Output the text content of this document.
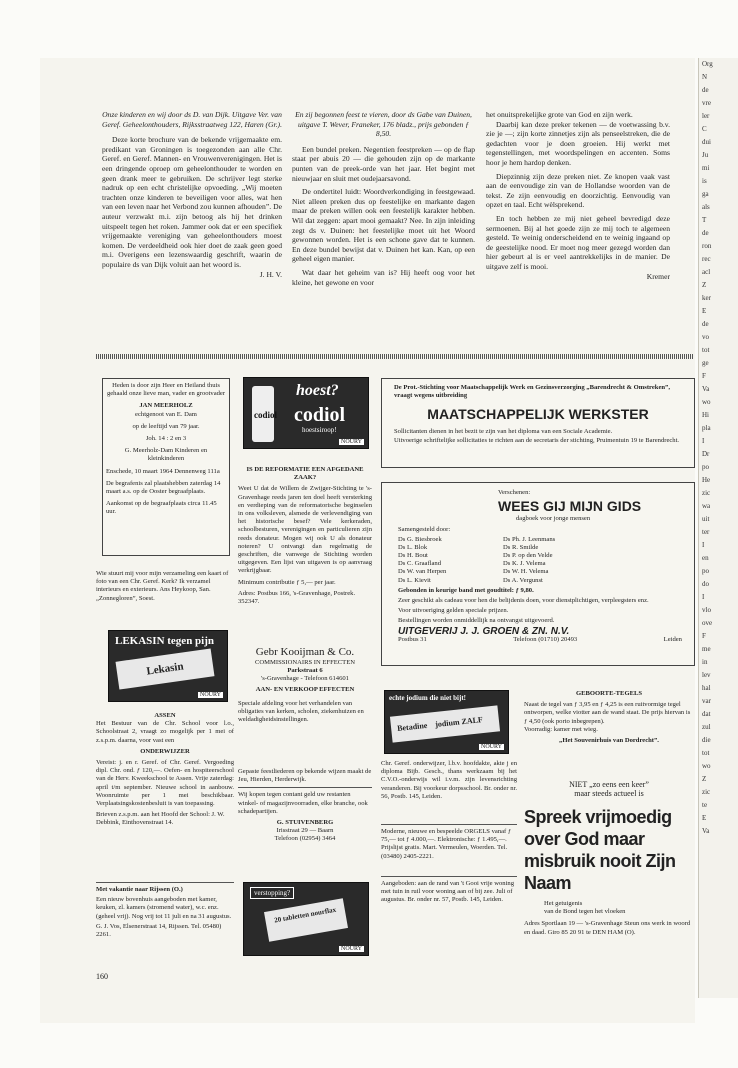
Org
N
de
vre
ler
C
dui
Ju
mi
is
ga
als
T
de
ron
rec
acl
Z
ker
E
de
vo
tot
ge
F
Va
wo
Hi
pla
I
Dr
po
He
zic
wa
uit
ter
I
en
po
do
I
vlo
ove
F
me
in
lev
hal
var
dat
zul
die
tot
wo
Z
zic
te
E
Va

Onze kinderen en wij door ds D. van Dijk. Uitgave Ver. van Geref. Geheelonthouders, Rijksstraatweg 122, Haren (Gr.).

Deze korte brochure van de bekende vrijgemaakte em. predikant van Groningen is toegezonden aan alle Chr. Geref. en Geref. Mannen- en Vrouwenverenigingen. Het is een dringende oproep om geheelonthouder te worden en geen drank meer te gebruiken. De schrijver legt sterke nadruk op een echt christelijke opvoeding. „Wij moeten trachten onze kinderen te beveiligen voor alles, wat hen van een leven naar het Verbond zou kunnen afhouden”. De auteur verzwakt m.i. zijn betoog als hij het drinken uitspeelt tegen het roken. Jammer ook dat er een specifiek vrijgemaakte vereniging van geheelonthouders moest komen. De verdeeldheid ook hier doet de zaak geen goed m.i. Overigens een lezenswaardig geschrift, waarin de populaire ds van Dijk voluit aan het woord is.

J. H. V.

En zij begonnen feest te vieren, door ds Gabe van Duinen, uitgave T. Wever, Franeker, 176 bladz., prijs gebonden ƒ 8,50.

Een bundel preken. Negentien feestpreken — op de flap staat per abuis 20 — die gehouden zijn op de markante punten van de preek-orde van het jaar. Het begint met nieuwjaar en sluit met oudejaarsavond.

De ondertitel luidt: Woordverkondiging in feestgewaad. Niet alleen preken dus op feestelijke en markante dagen maar de preken willen ook een feestelijk karakter hebben. Wil dat zeggen: apart mooi gemaakt? Nee. In zijn inleiding zegt ds v. Duinen: het feestelijke moet uit het Woord gewonnen worden. Het is een schone gave dat te kunnen. En deze bundel bewijst dat v. Duinen het kan. Kan, op een geheel eigen manier.

Wat daar het geheim van is? Hij heeft oog voor het kleine, het gewone en voor

het onuitsprekelijke grote van God en zijn werk.

Daarbij kan deze preker tekenen — de voetwassing b.v. zie je —; zijn korte zinnetjes zijn als penseelstreken, die de gedachten voor je doen groeien. Hij werkt met tegenstellingen, met woordspelingen en accenten. Soms hoor je hem hardop denken.

Diepzinnig zijn deze preken niet. Ze knopen vaak vast aan de eenvoudige zin van de Hollandse woorden van de tekst. Ze zijn eenvoudig en doorzichtig. Eenvoudig van opzet en taal. Echt wèlsprekend.

En toch hebben ze mij niet geheel bevredigd deze sermoenen. Bij al het goede zijn ze mij toch te algemeen gesteld. Te weinig onderscheidend en te weinig ingaand op de geestelijke nood. Er moet nog meer gezegd worden dan hier gebeurt al is er veel aantrekkelijks in de manier. De uitgave zelf is mooi.

Kremer

Heden is door zijn Heer en Heiland thuis gehaald onze lieve man, vader en grootvader
JAN MEERHOLZ
echtgenoot van E. Dam
op de leeftijd van 79 jaar.
Joh. 14 : 2 en 3
G. Meerholz-Dam Kinderen en kleinkinderen
Enschede, 10 maart 1964 Dennenweg 111a
De begrafenis zal plaatshebben zaterdag 14 maart a.s. op de Ooster begraafplaats.
Aankomst op de begraafplaats circa 11.45 uur.
Wie stuurt mij voor mijn verzameling een kaart of foto van een Chr. Geref. Kerk? Ik verzamel interieurs en exterieurs. Ans Heykoop, San. „Zonnegloren”, Soest.
codiol
hoest?
codiol
hoestsiroop!
NOURY
IS DE REFORMATIE EEN AFGEDANE ZAAK?
Weet U dat de Willem de Zwijger-Stichting te 's-Gravenhage reeds jaren ten doel heeft versterking en verdieping van de reformatorische beginselen in ons volksleven, alsmede de verlevendiging van het historische besef? Vele kerkeraden, schoolbesturen, verenigingen en particulieren zijn reeds donateur. Mogen wij ook U als donateur noteren? U ontvangt dan regelmatig de geschriften, die vanwege de Stichting worden uitgegeven. Een lijst van uitgaven is op aanvraag verkrijgbaar.
Minimum contributie ƒ 5,— per jaar.
Adres: Postbus 166, 's-Gravenhage, Postrek. 352347.
De Prot.-Stichting voor Maatschappelijk Werk en Gezinsverzorging „Barendrecht & Omstreken”, vraagt wegens uitbreiding
MAATSCHAPPELIJK WERKSTER
Sollicitanten dienen in het bezit te zijn van het diploma van een Sociale Academie.
Uitvoerige schriftelijke sollicitaties te richten aan de secretaris der stichting, Pruimentuin 19 te Barendrecht.
Verschenen:
WEES GIJ MIJN GIDS
dagboek voor jonge mensen
Samengesteld door:
Ds G. Biesbroek
Ds L. Blok
Ds H. Bout
Ds C. Graafland
Ds W. van Herpen
Ds L. Kievit
Ds Ph. J. Leenmans
Ds R. Smilde
Ds P. op den Velde
Ds K. J. Velema
Ds W. H. Velema
Ds A. Vergunst
Gebonden in keurige band met goudtitel: ƒ 9,80.
Zeer geschikt als cadeau voor hen die belijdenis doen, voor dienstplichtigen, verpleegsters enz.
Voor uitvoeriging gelden speciale prijzen.
Bestellingen worden onmiddellijk na ontvangst uitgevoerd.
UITGEVERIJ J. J. GROEN & ZN. N.V.
Postbus 31	Telefoon (01710) 20493	Leiden
LEKASIN tegen pijn
Lekasin
NOURY
ASSEN
Het Bestuur van de Chr. School voor l.o., Schoolstraat 2, vraagt zo mogelijk per 1 mei of z.s.p.m. daarna, voor vast een
ONDERWIJZER
Vereist: j. en r. Geref. of Chr. Geref. Vergoeding dipl. Chr. ond. ƒ 120,—. Oefen- en hospiteerschool van de Herv. Kweekschool te Assen. Vrije zaterdag: april t/m september. Nieuwe school in aanbouw. Woonruimte per 1 mei beschikbaar. Verplaatsingskostenbesluit is van toepassing.
Brieven z.s.p.m. aan het Hoofd der School: J. W. Debbink, Einthovenstraat 14.
Met vakantie naar Rijssen (O.)
Een nieuw bovenhuis aangeboden met kamer, keuken, zl. kamers (stromend water), w.c. enz. (geheel vrij). Nog vrij tot 11 juli en na 31 augustus.
G. J. Vos, Elsenerstraat 14, Rijssen. Tel. 05480) 2261.
Gebr Kooijman & Co.
COMMISSIONAIRS IN EFFECTEN
Parkstraat 6
's-Gravenhage - Telefoon 614601
AAN- EN VERKOOP EFFECTEN
Speciale afdeling voor het verhandelen van obligaties van kerken, scholen, ziekenhuizen en weldadigheidsinstellingen.
Gepaste feestliederen op bekende wijzen maakt de Jeu, Hierden, Herderwijk.
Wij kopen tegen contant geld uw restanten winkel- of magazijnvoorraden, elke branche, ook schadepartijen.
G. STUIVENBERG
Irisstraat 29 — Baarn
Telefoon (02954) 3464
verstopping?
20 tabletten nourflax
NOURY
echte jodium die niet bijt!
Betadine jodium ZALF
NOURY
Chr. Geref. onderwijzer, l.b.v. hoofdakte, akte j en diploma Bijb. Gesch., thans werkzaam bij het C.V.O.-onderwijs wil i.v.m. zijn levensrichting veranderen. Bij voorkeur dorpsschool. Br. onder nr. 56, Postb. 145, Leiden.
Moderne, nieuwe en bespeelde ORGELS vanaf ƒ 75,— tot ƒ 4.000,—. Elektronische: ƒ 1.495,—. Prijslijst gratis. Mart. Vermeulen, Woerden. Tel. (03480) 2405-2221.
Aangeboden: aan de rand van 't Gooi vrije woning met tuin in ruil voor woning aan of bij zee. Juli of augustus. Br. onder nr. 57, Postb. 145, Leiden.
GEBOORTE-TEGELS
Naast de tegel van ƒ 3,95 en ƒ 4,25 is een ruitvormige tegel ontworpen, welke viotter aan de wand staat. De prijs hiervan is ƒ 4,50 (ook porto inbegrepen).
Voorradig: kamer met wieg.
„Het Souvenirhuis van Dordrecht”.
NIET „zo eens een keer”
maar steeds actueel is
Spreek vrijmoedig over God maar misbruik nooit Zijn Naam
Het getuigenis
van de Bond tegen het vloeken
Adres Sportlaan 19 — 's-Gravenhage Steun ons werk in woord en daad. Giro 85 20 91 te DEN HAM (O).
160
